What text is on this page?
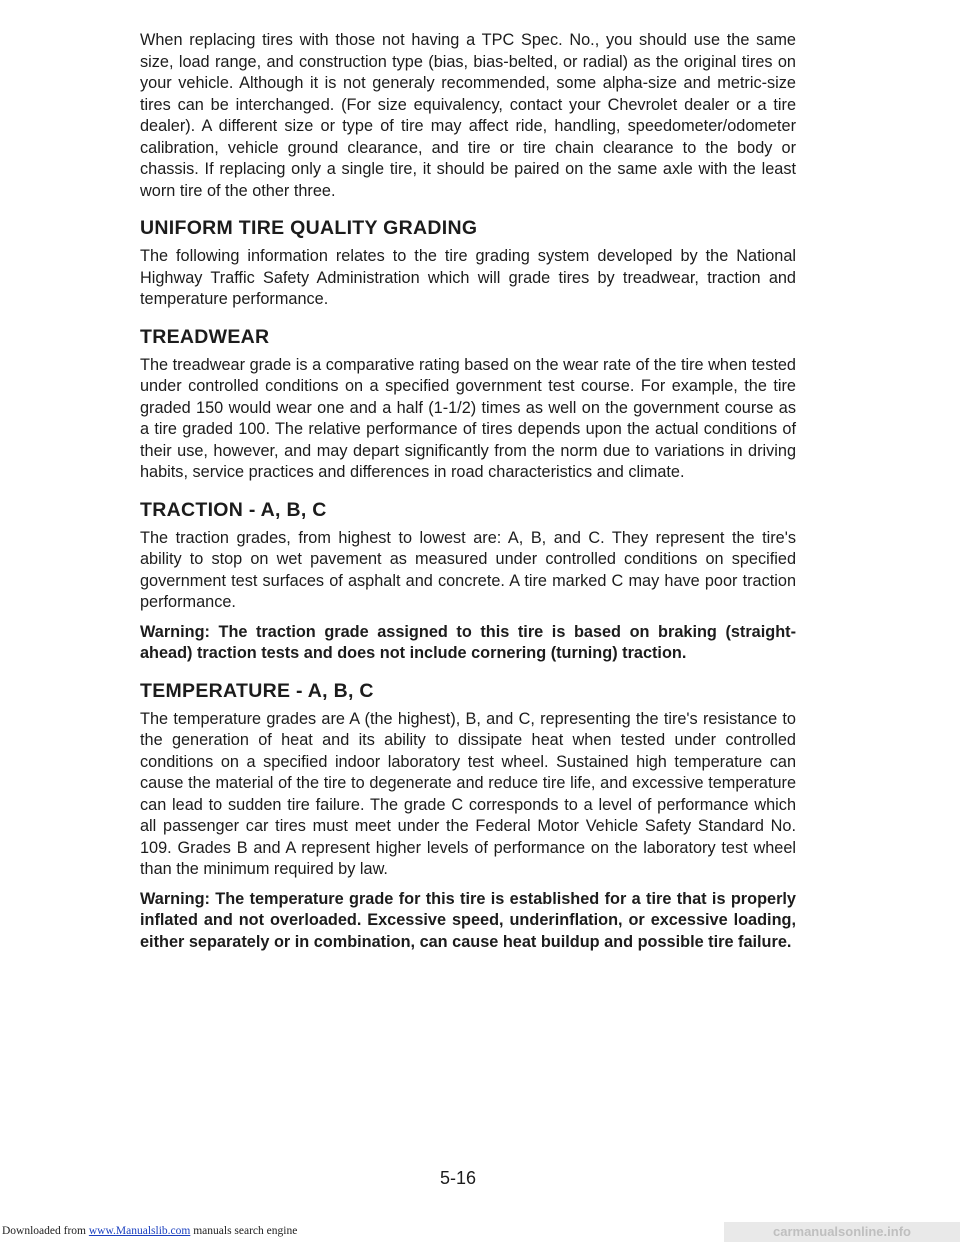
When replacing tires with those not having a TPC Spec. No., you should use the same size, load range, and construction type (bias, bias-belted, or radial) as the original tires on your vehicle. Although it is not generaly recommended, some alpha-size and metric-size tires can be interchanged. (For size equivalency, contact your Chevrolet dealer or a tire dealer). A different size or type of tire may affect ride, handling, speedometer/odometer calibration, vehicle ground clearance, and tire or tire chain clearance to the body or chassis. If replacing only a single tire, it should be paired on the same axle with the least worn tire of the other three.

UNIFORM TIRE QUALITY GRADING

The following information relates to the tire grading system developed by the National Highway Traffic Safety Administration which will grade tires by treadwear, traction and temperature performance.

TREADWEAR

The treadwear grade is a comparative rating based on the wear rate of the tire when tested under controlled conditions on a specified government test course. For example, the tire graded 150 would wear one and a half (1-1/2) times as well on the government course as a tire graded 100. The relative performance of tires depends upon the actual conditions of their use, however, and may depart significantly from the norm due to variations in driving habits, service practices and differences in road characteristics and climate.

TRACTION - A, B, C

The traction grades, from highest to lowest are: A, B, and C. They represent the tire's ability to stop on wet pavement as measured under controlled conditions on specified government test surfaces of asphalt and concrete. A tire marked C may have poor traction performance.

Warning: The traction grade assigned to this tire is based on braking (straight-ahead) traction tests and does not include cornering (turning) traction.

TEMPERATURE - A, B, C

The temperature grades are A (the highest), B, and C, representing the tire's resistance to the generation of heat and its ability to dissipate heat when tested under controlled conditions on a specified indoor laboratory test wheel. Sustained high temperature can cause the material of the tire to degenerate and reduce tire life, and excessive temperature can lead to sudden tire failure. The grade C corresponds to a level of performance which all passenger car tires must meet under the Federal Motor Vehicle Safety Standard No. 109. Grades B and A represent higher levels of performance on the laboratory test wheel than the minimum required by law.

Warning: The temperature grade for this tire is established for a tire that is properly inflated and not overloaded. Excessive speed, underinflation, or excessive loading, either separately or in combination, can cause heat buildup and possible tire failure.

5-16
Downloaded from www.Manualslib.com manuals search engine	carmanualsonline.info
